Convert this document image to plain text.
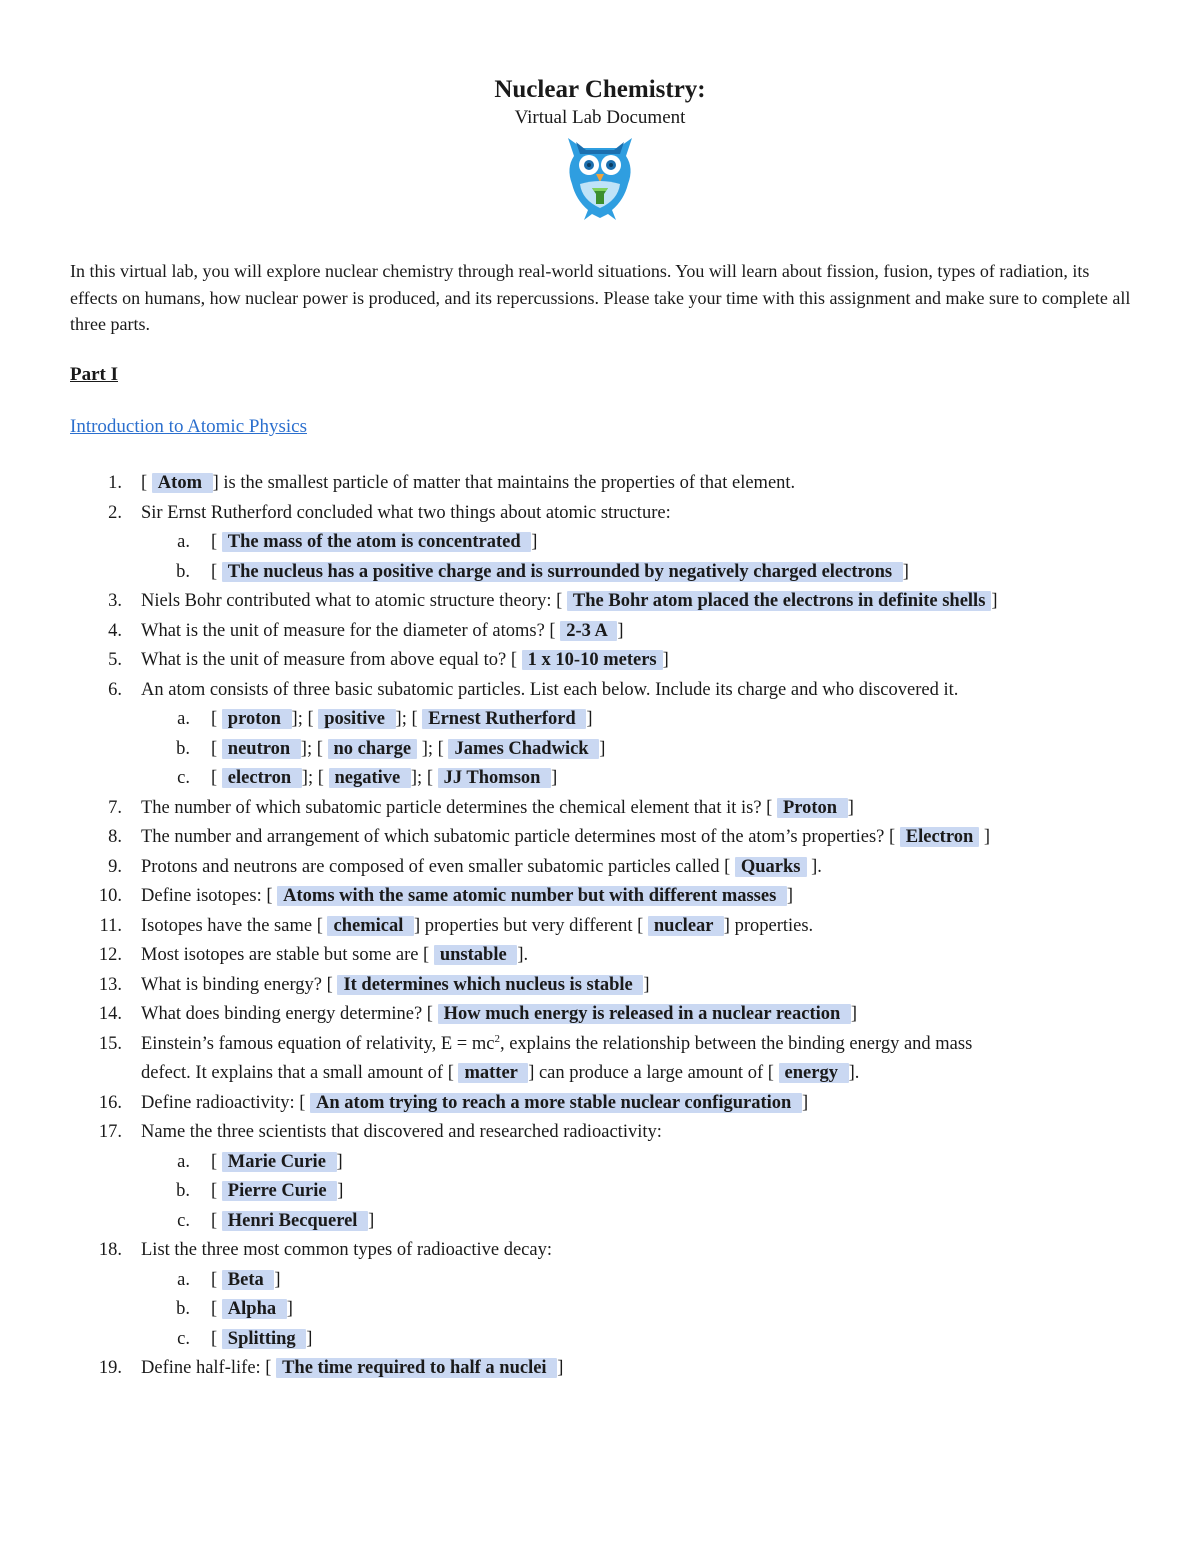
Nuclear Chemistry:
Virtual Lab Document
In this virtual lab, you will explore nuclear chemistry through real-world situations. You will learn about fission, fusion, types of radiation, its effects on humans, how nuclear power is produced, and its repercussions. Please take your time with this assignment and make sure to complete all three parts.
Part I
Introduction to Atomic Physics
1. [ Atom ] is the smallest particle of matter that maintains the properties of that element.
2. Sir Ernst Rutherford concluded what two things about atomic structure:
a. [ The mass of the atom is concentrated ]
b. [ The nucleus has a positive charge and is surrounded by negatively charged electrons ]
3. Niels Bohr contributed what to atomic structure theory: [ The Bohr atom placed the electrons in definite shells ]
4. What is the unit of measure for the diameter of atoms? [ 2-3 A ]
5. What is the unit of measure from above equal to? [ 1 x 10-10 meters ]
6. An atom consists of three basic subatomic particles. List each below. Include its charge and who discovered it.
a. [ proton ]; [ positive ]; [ Ernest Rutherford ]
b. [ neutron ]; [ no charge ]; [ James Chadwick ]
c. [ electron ]; [ negative ]; [ JJ Thomson ]
7. The number of which subatomic particle determines the chemical element that it is? [ Proton ]
8. The number and arrangement of which subatomic particle determines most of the atom’s properties? [ Electron ]
9. Protons and neutrons are composed of even smaller subatomic particles called [ Quarks ].
10. Define isotopes: [ Atoms with the same atomic number but with different masses ]
11. Isotopes have the same [ chemical ] properties but very different [ nuclear ] properties.
12. Most isotopes are stable but some are [ unstable ].
13. What is binding energy? [ It determines which nucleus is stable ]
14. What does binding energy determine? [ How much energy is released in a nuclear reaction ]
15. Einstein’s famous equation of relativity, $E = mc^2$, explains the relationship between the binding energy and mass
defect. It explains that a small amount of [ matter ] can produce a large amount of [ energy ].
16. Define radioactivity: [ An atom trying to reach a more stable nuclear configuration ]
17. Name the three scientists that discovered and researched radioactivity:
a. [ Marie Curie ]
b. [ Pierre Curie ]
c. [ Henri Becquerel ]
18. List the three most common types of radioactive decay:
a. [ Beta ]
b. [ Alpha ]
c. [ Splitting ]
19. Define half-life: [ The time required to half a nuclei ]
